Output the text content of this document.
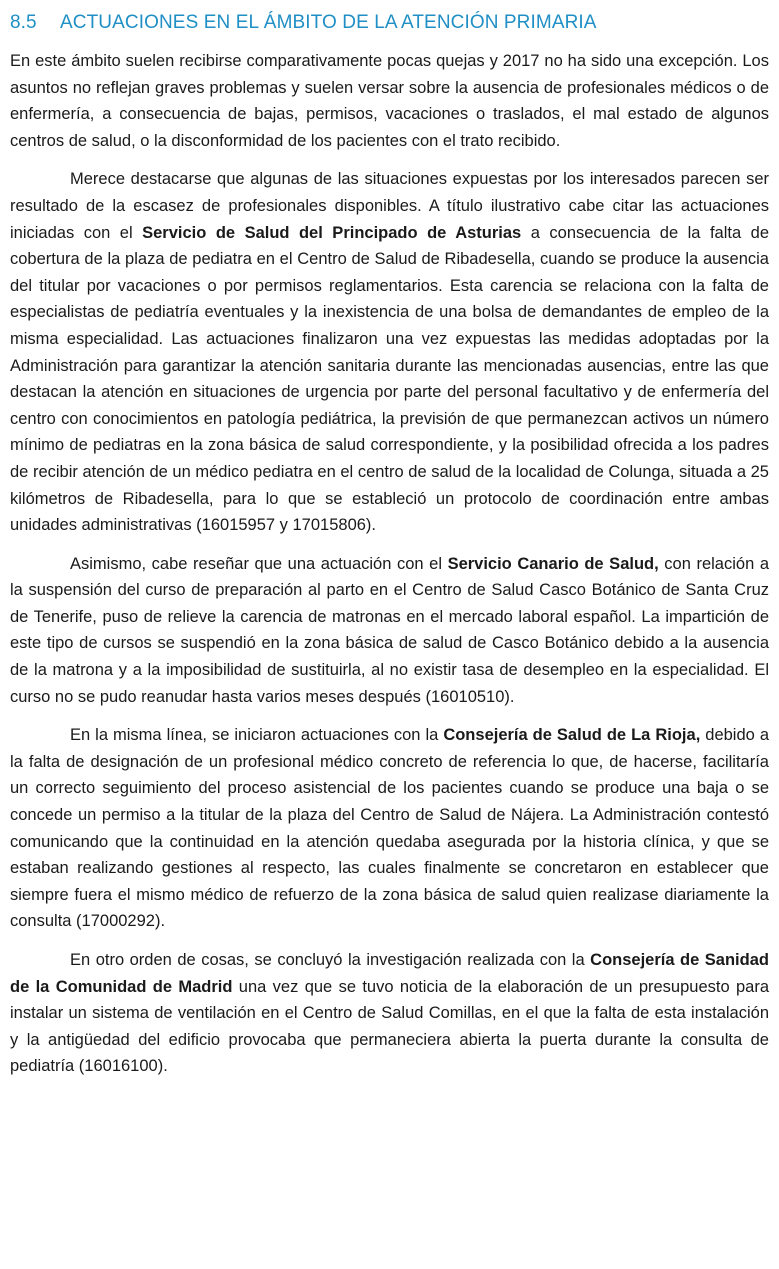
8.5 ACTUACIONES EN EL ÁMBITO DE LA ATENCIÓN PRIMARIA

En este ámbito suelen recibirse comparativamente pocas quejas y 2017 no ha sido una excepción. Los asuntos no reflejan graves problemas y suelen versar sobre la ausencia de profesionales médicos o de enfermería, a consecuencia de bajas, permisos, vacaciones o traslados, el mal estado de algunos centros de salud, o la disconformidad de los pacientes con el trato recibido.

Merece destacarse que algunas de las situaciones expuestas por los interesados parecen ser resultado de la escasez de profesionales disponibles. A título ilustrativo cabe citar las actuaciones iniciadas con el Servicio de Salud del Principado de Asturias a consecuencia de la falta de cobertura de la plaza de pediatra en el Centro de Salud de Ribadesella, cuando se produce la ausencia del titular por vacaciones o por permisos reglamentarios. Esta carencia se relaciona con la falta de especialistas de pediatría eventuales y la inexistencia de una bolsa de demandantes de empleo de la misma especialidad. Las actuaciones finalizaron una vez expuestas las medidas adoptadas por la Administración para garantizar la atención sanitaria durante las mencionadas ausencias, entre las que destacan la atención en situaciones de urgencia por parte del personal facultativo y de enfermería del centro con conocimientos en patología pediátrica, la previsión de que permanezcan activos un número mínimo de pediatras en la zona básica de salud correspondiente, y la posibilidad ofrecida a los padres de recibir atención de un médico pediatra en el centro de salud de la localidad de Colunga, situada a 25 kilómetros de Ribadesella, para lo que se estableció un protocolo de coordinación entre ambas unidades administrativas (16015957 y 17015806).

Asimismo, cabe reseñar que una actuación con el Servicio Canario de Salud, con relación a la suspensión del curso de preparación al parto en el Centro de Salud Casco Botánico de Santa Cruz de Tenerife, puso de relieve la carencia de matronas en el mercado laboral español. La impartición de este tipo de cursos se suspendió en la zona básica de salud de Casco Botánico debido a la ausencia de la matrona y a la imposibilidad de sustituirla, al no existir tasa de desempleo en la especialidad. El curso no se pudo reanudar hasta varios meses después (16010510).

En la misma línea, se iniciaron actuaciones con la Consejería de Salud de La Rioja, debido a la falta de designación de un profesional médico concreto de referencia lo que, de hacerse, facilitaría un correcto seguimiento del proceso asistencial de los pacientes cuando se produce una baja o se concede un permiso a la titular de la plaza del Centro de Salud de Nájera. La Administración contestó comunicando que la continuidad en la atención quedaba asegurada por la historia clínica, y que se estaban realizando gestiones al respecto, las cuales finalmente se concretaron en establecer que siempre fuera el mismo médico de refuerzo de la zona básica de salud quien realizase diariamente la consulta (17000292).

En otro orden de cosas, se concluyó la investigación realizada con la Consejería de Sanidad de la Comunidad de Madrid una vez que se tuvo noticia de la elaboración de un presupuesto para instalar un sistema de ventilación en el Centro de Salud Comillas, en el que la falta de esta instalación y la antigüedad del edificio provocaba que permaneciera abierta la puerta durante la consulta de pediatría (16016100).
